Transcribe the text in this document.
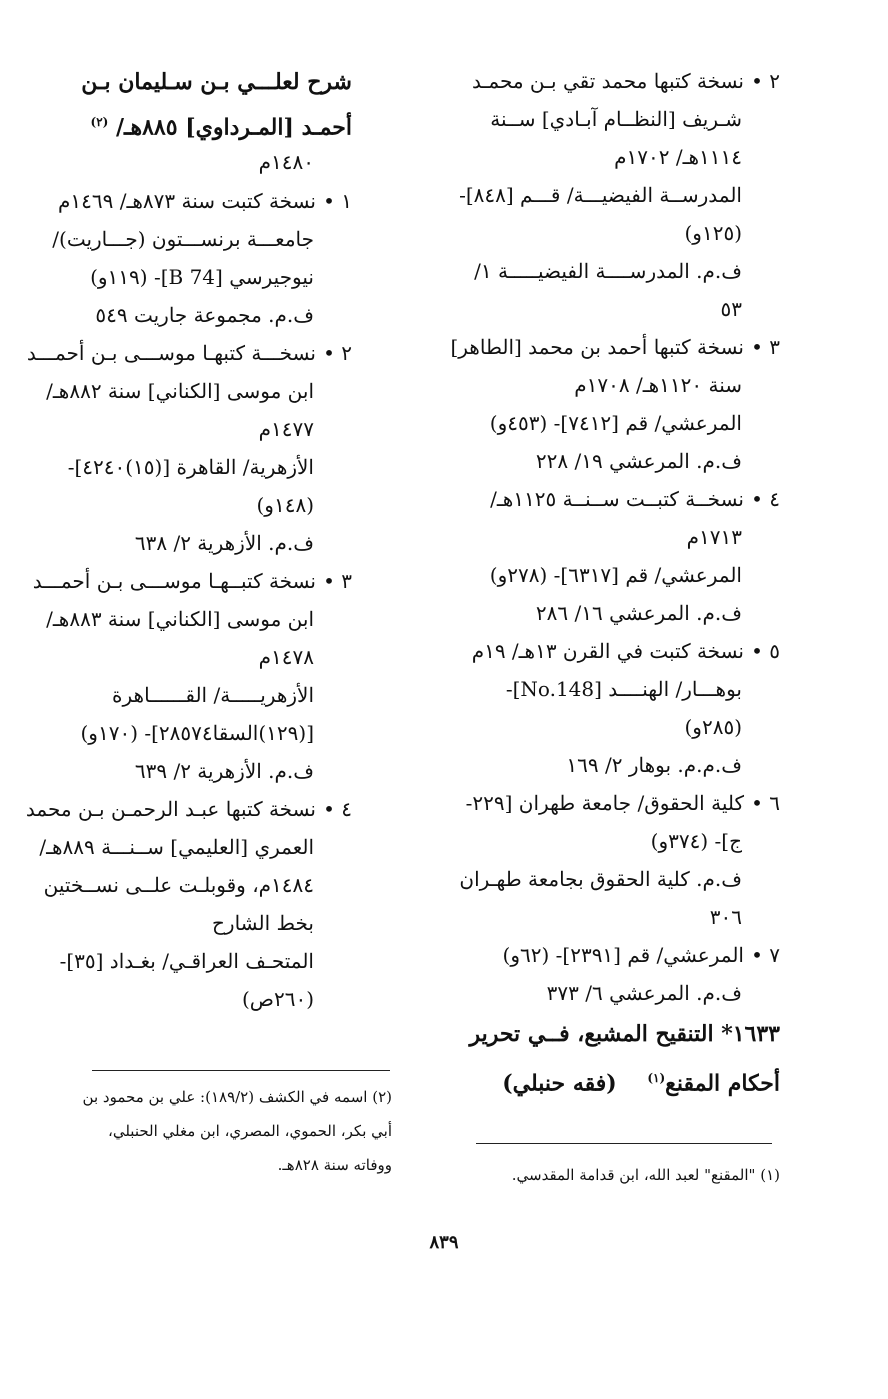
٢ •نسخة كتبها محمد تقي بـن محمـد
شـريف [النظــام آبـادي] ســنة
١١١٤هـ/ ١٧٠٢م
المدرســة الفيضيـــة/ قـــم [٨٤٨]-
(١٢٥و)
ف.م. المدرســــة الفيضيـــــة ١/
٥٣
٣ •نسخة كتبها أحمد بن محمد [الطاهر]
سنة ١١٢٠هـ/ ١٧٠٨م
المرعشي/ قم [٧٤١٢]- (٤٥٣و)
ف.م. المرعشي ١٩/ ٢٢٨
٤ •نسخــة كتبــت ســنــة ١١٢٥هـ/
١٧١٣م
المرعشي/ قم [٦٣١٧]- (٢٧٨و)
ف.م. المرعشي ١٦/ ٢٨٦
٥ •نسخة كتبت في القرن ١٣هـ/ ١٩م
بوهـــار/ الهنــــد [No.148]-
(٢٨٥و)
ف.م.م. بوهار ٢/ ١٦٩
٦ •كلية الحقوق/ جامعة طهران [٢٢٩-
ج]- (٣٧٤و)
ف.م. كلية الحقوق بجامعة طهـران
٣٠٦
٧ •المرعشي/ قم [٢٣٩١]- (٦٢و)
ف.م. المرعشي ٦/ ٣٧٣
١٦٣٣* التنقيح المشبع، فــي تحرير
أحكام المقنع$^{(١)}$    (فقه حنبلي)
شرح لعلـــي بـن سـليمان بـن
أحمـد [المـرداوي] ٨٨٥هـ/ $^{(٢)}$
١٤٨٠م
١ •نسخة كتبت سنة ٨٧٣هـ/ ١٤٦٩م
جامعـــة برنســـتون (جـــاريت)/
نيوجيرسي [74 B]- (١١٩و)
ف.م. مجموعة جاريت ٥٤٩
٢ •نسخـــة كتبهـا موســـى بـن أحمـــد
ابن موسى [الكناني] سنة ٨٨٢هـ/
١٤٧٧م
الأزهرية/ القاهرة [(١٥)٤٢٤٠]-
(١٤٨و)
ف.م. الأزهرية ٢/ ٦٣٨
٣ •نسخة كتبــهـا موســـى بـن أحمـــد
ابن موسى [الكناني] سنة ٨٨٣هـ/
١٤٧٨م
الأزهريـــــة/ القــــــاهرة
[(١٢٩)السقا٢٨٥٧٤]- (١٧٠و)
ف.م. الأزهرية ٢/ ٦٣٩
٤ •نسخة كتبها عبـد الرحمـن بـن محمد
العمري [العليمي] ســنـــة ٨٨٩هـ/
١٤٨٤م، وقوبلـت علــى نســختين
بخط الشارح
المتحـف العراقـي/ بغـداد [٣٥]-
(٢٦٠ص)
(٢) اسمه في الكشف (١٨٩/٢): علي بن محمود بن
أبي بكر، الحموي، المصري، ابن مغلي الحنبلي،
ووفاته سنة ٨٢٨هـ.
(١) "المقنع" لعبد الله، ابن قدامة المقدسي.
٨٣٩
